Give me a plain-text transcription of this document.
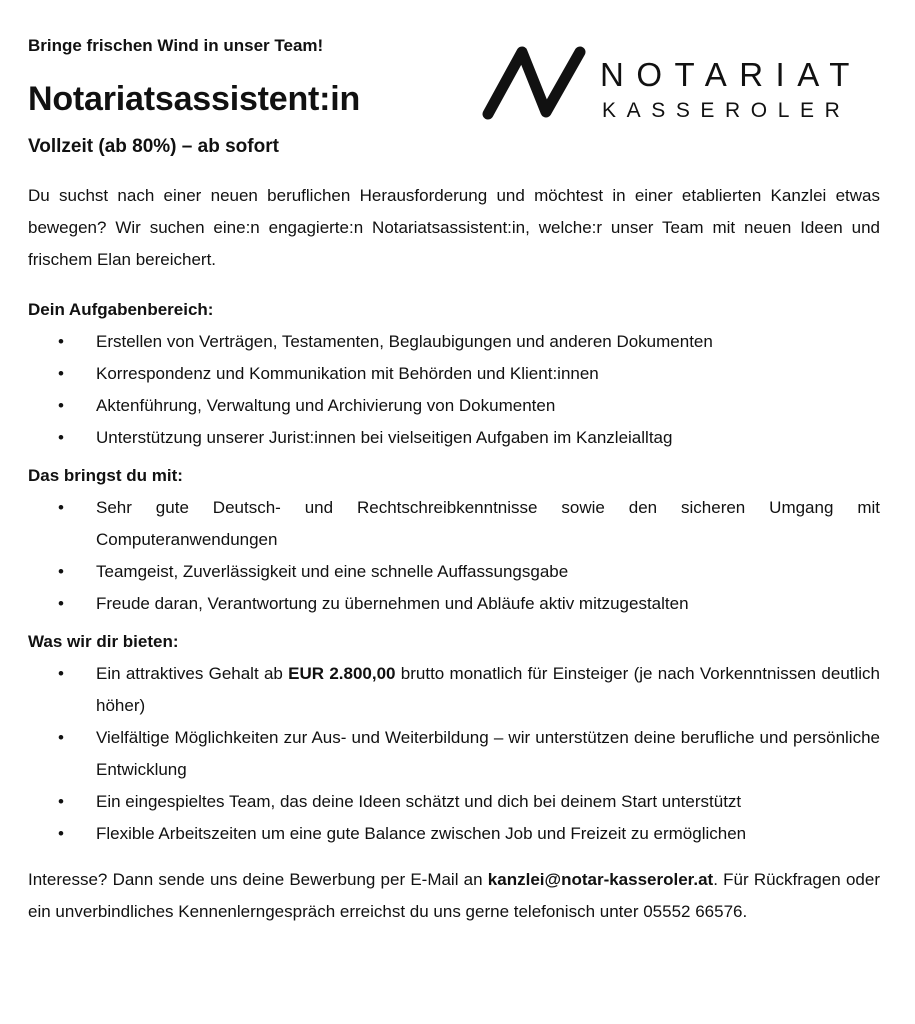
Bringe frischen Wind in unser Team!
Notariatsassistent:in
Vollzeit (ab 80%) – ab sofort
NOTARIAT
KASSEROLER

Du suchst nach einer neuen beruflichen Herausforderung und möchtest in einer etablierten Kanzlei etwas bewegen? Wir suchen eine:n engagierte:n Notariatsassistent:in, welche:r unser Team mit neuen Ideen und frischem Elan bereichert.

Dein Aufgabenbereich:
• Erstellen von Verträgen, Testamenten, Beglaubigungen und anderen Dokumenten
• Korrespondenz und Kommunikation mit Behörden und Klient:innen
• Aktenführung, Verwaltung und Archivierung von Dokumenten
• Unterstützung unserer Jurist:innen bei vielseitigen Aufgaben im Kanzleialltag
Das bringst du mit:
• Sehr gute Deutsch- und Rechtschreibkenntnisse sowie den sicheren Umgang mit Computeranwendungen
• Teamgeist, Zuverlässigkeit und eine schnelle Auffassungsgabe
• Freude daran, Verantwortung zu übernehmen und Abläufe aktiv mitzugestalten
Was wir dir bieten:
• Ein attraktives Gehalt ab EUR 2.800,00 brutto monatlich für Einsteiger (je nach Vorkenntnissen deutlich höher)
• Vielfältige Möglichkeiten zur Aus- und Weiterbildung – wir unterstützen deine berufliche und persönliche Entwicklung
• Ein eingespieltes Team, das deine Ideen schätzt und dich bei deinem Start unterstützt
• Flexible Arbeitszeiten um eine gute Balance zwischen Job und Freizeit zu ermöglichen

Interesse? Dann sende uns deine Bewerbung per E-Mail an kanzlei@notar-kasseroler.at. Für Rückfragen oder ein unverbindliches Kennenlerngespräch erreichst du uns gerne telefonisch unter 05552 66576.
